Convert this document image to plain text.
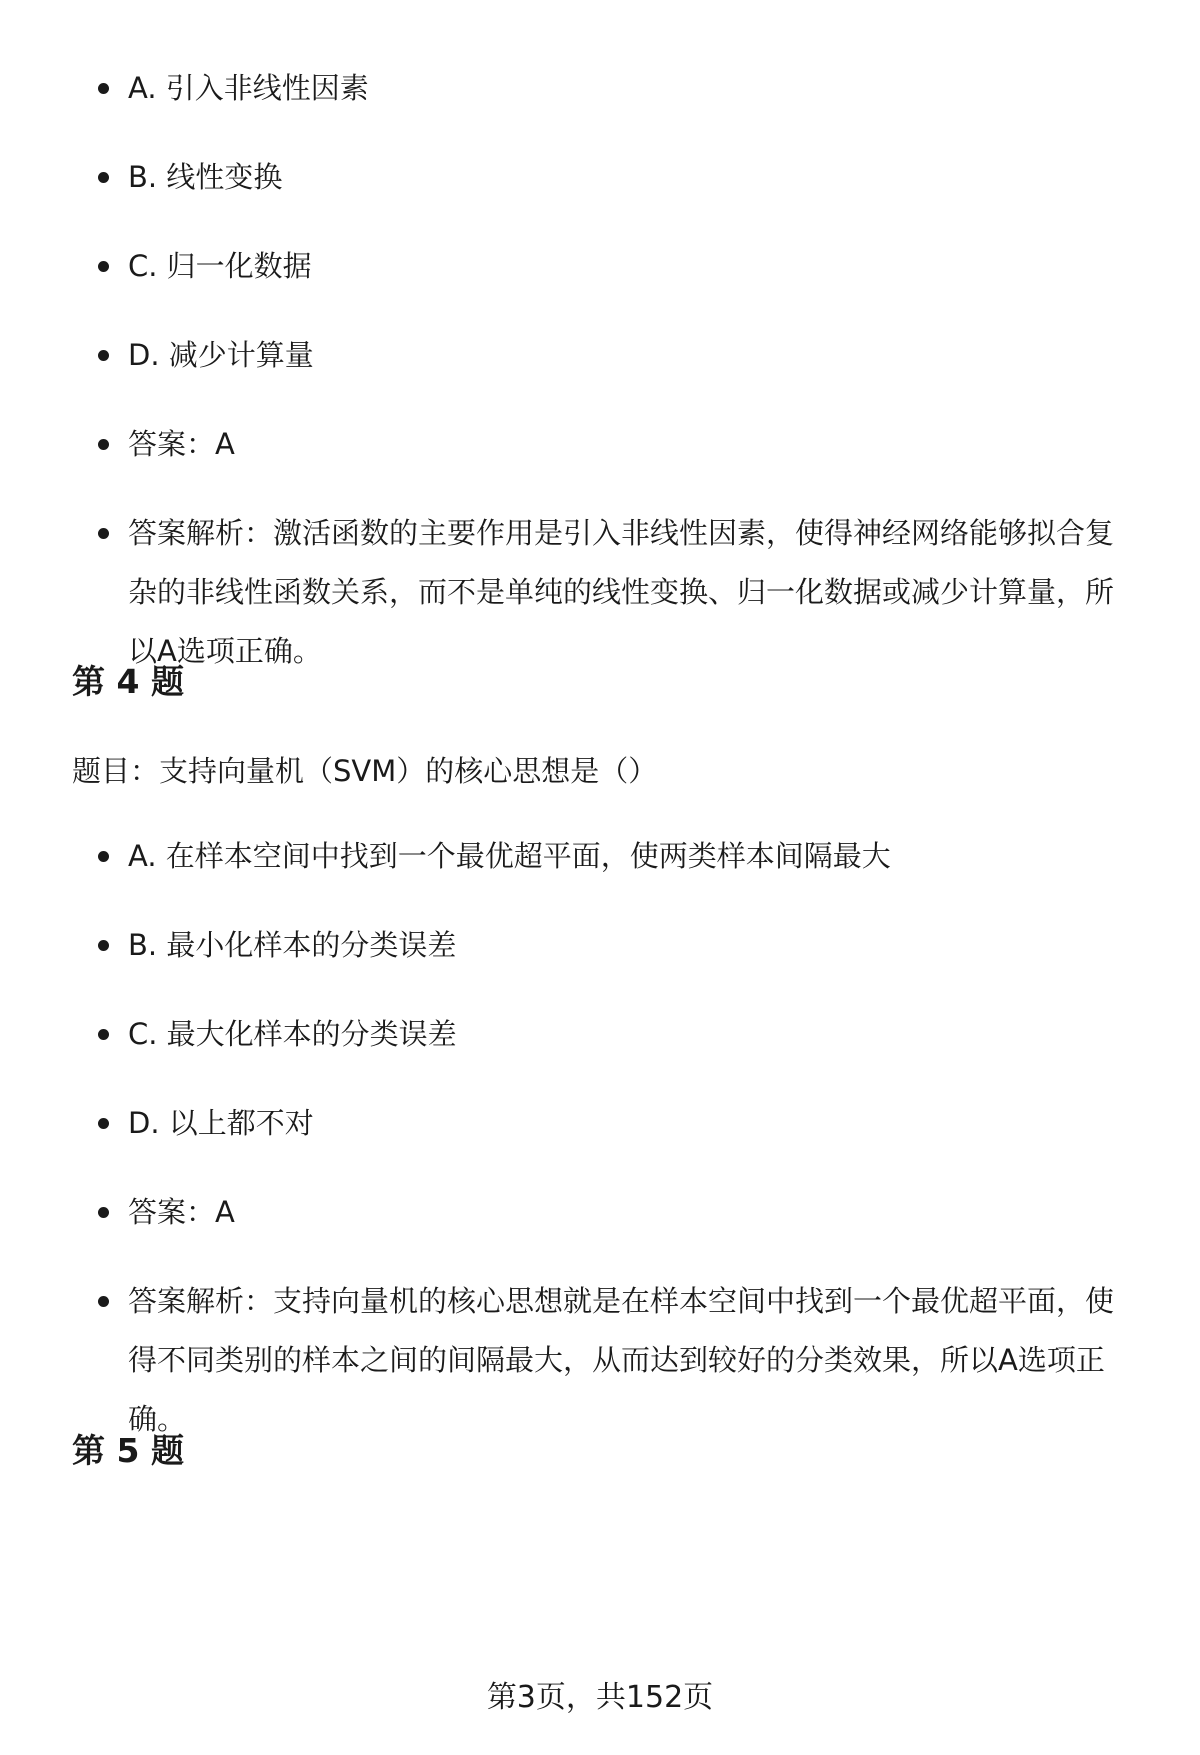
A. 引入非线性因素
B. 线性变换
C. 归一化数据
D. 减少计算量
答案：A
答案解析：激活函数的主要作用是引入非线性因素，使得神经网络能够拟合复杂的非线性函数关系，而不是单纯的线性变换、归一化数据或减少计算量，所以A选项正确。
第 4 题

题目：支持向量机（SVM）的核心思想是（）

A. 在样本空间中找到一个最优超平面，使两类样本间隔最大
B. 最小化样本的分类误差
C. 最大化样本的分类误差
D. 以上都不对
答案：A
答案解析：支持向量机的核心思想就是在样本空间中找到一个最优超平面，使得不同类别的样本之间的间隔最大，从而达到较好的分类效果，所以A选项正确。
第 5 题
第3页，共152页
